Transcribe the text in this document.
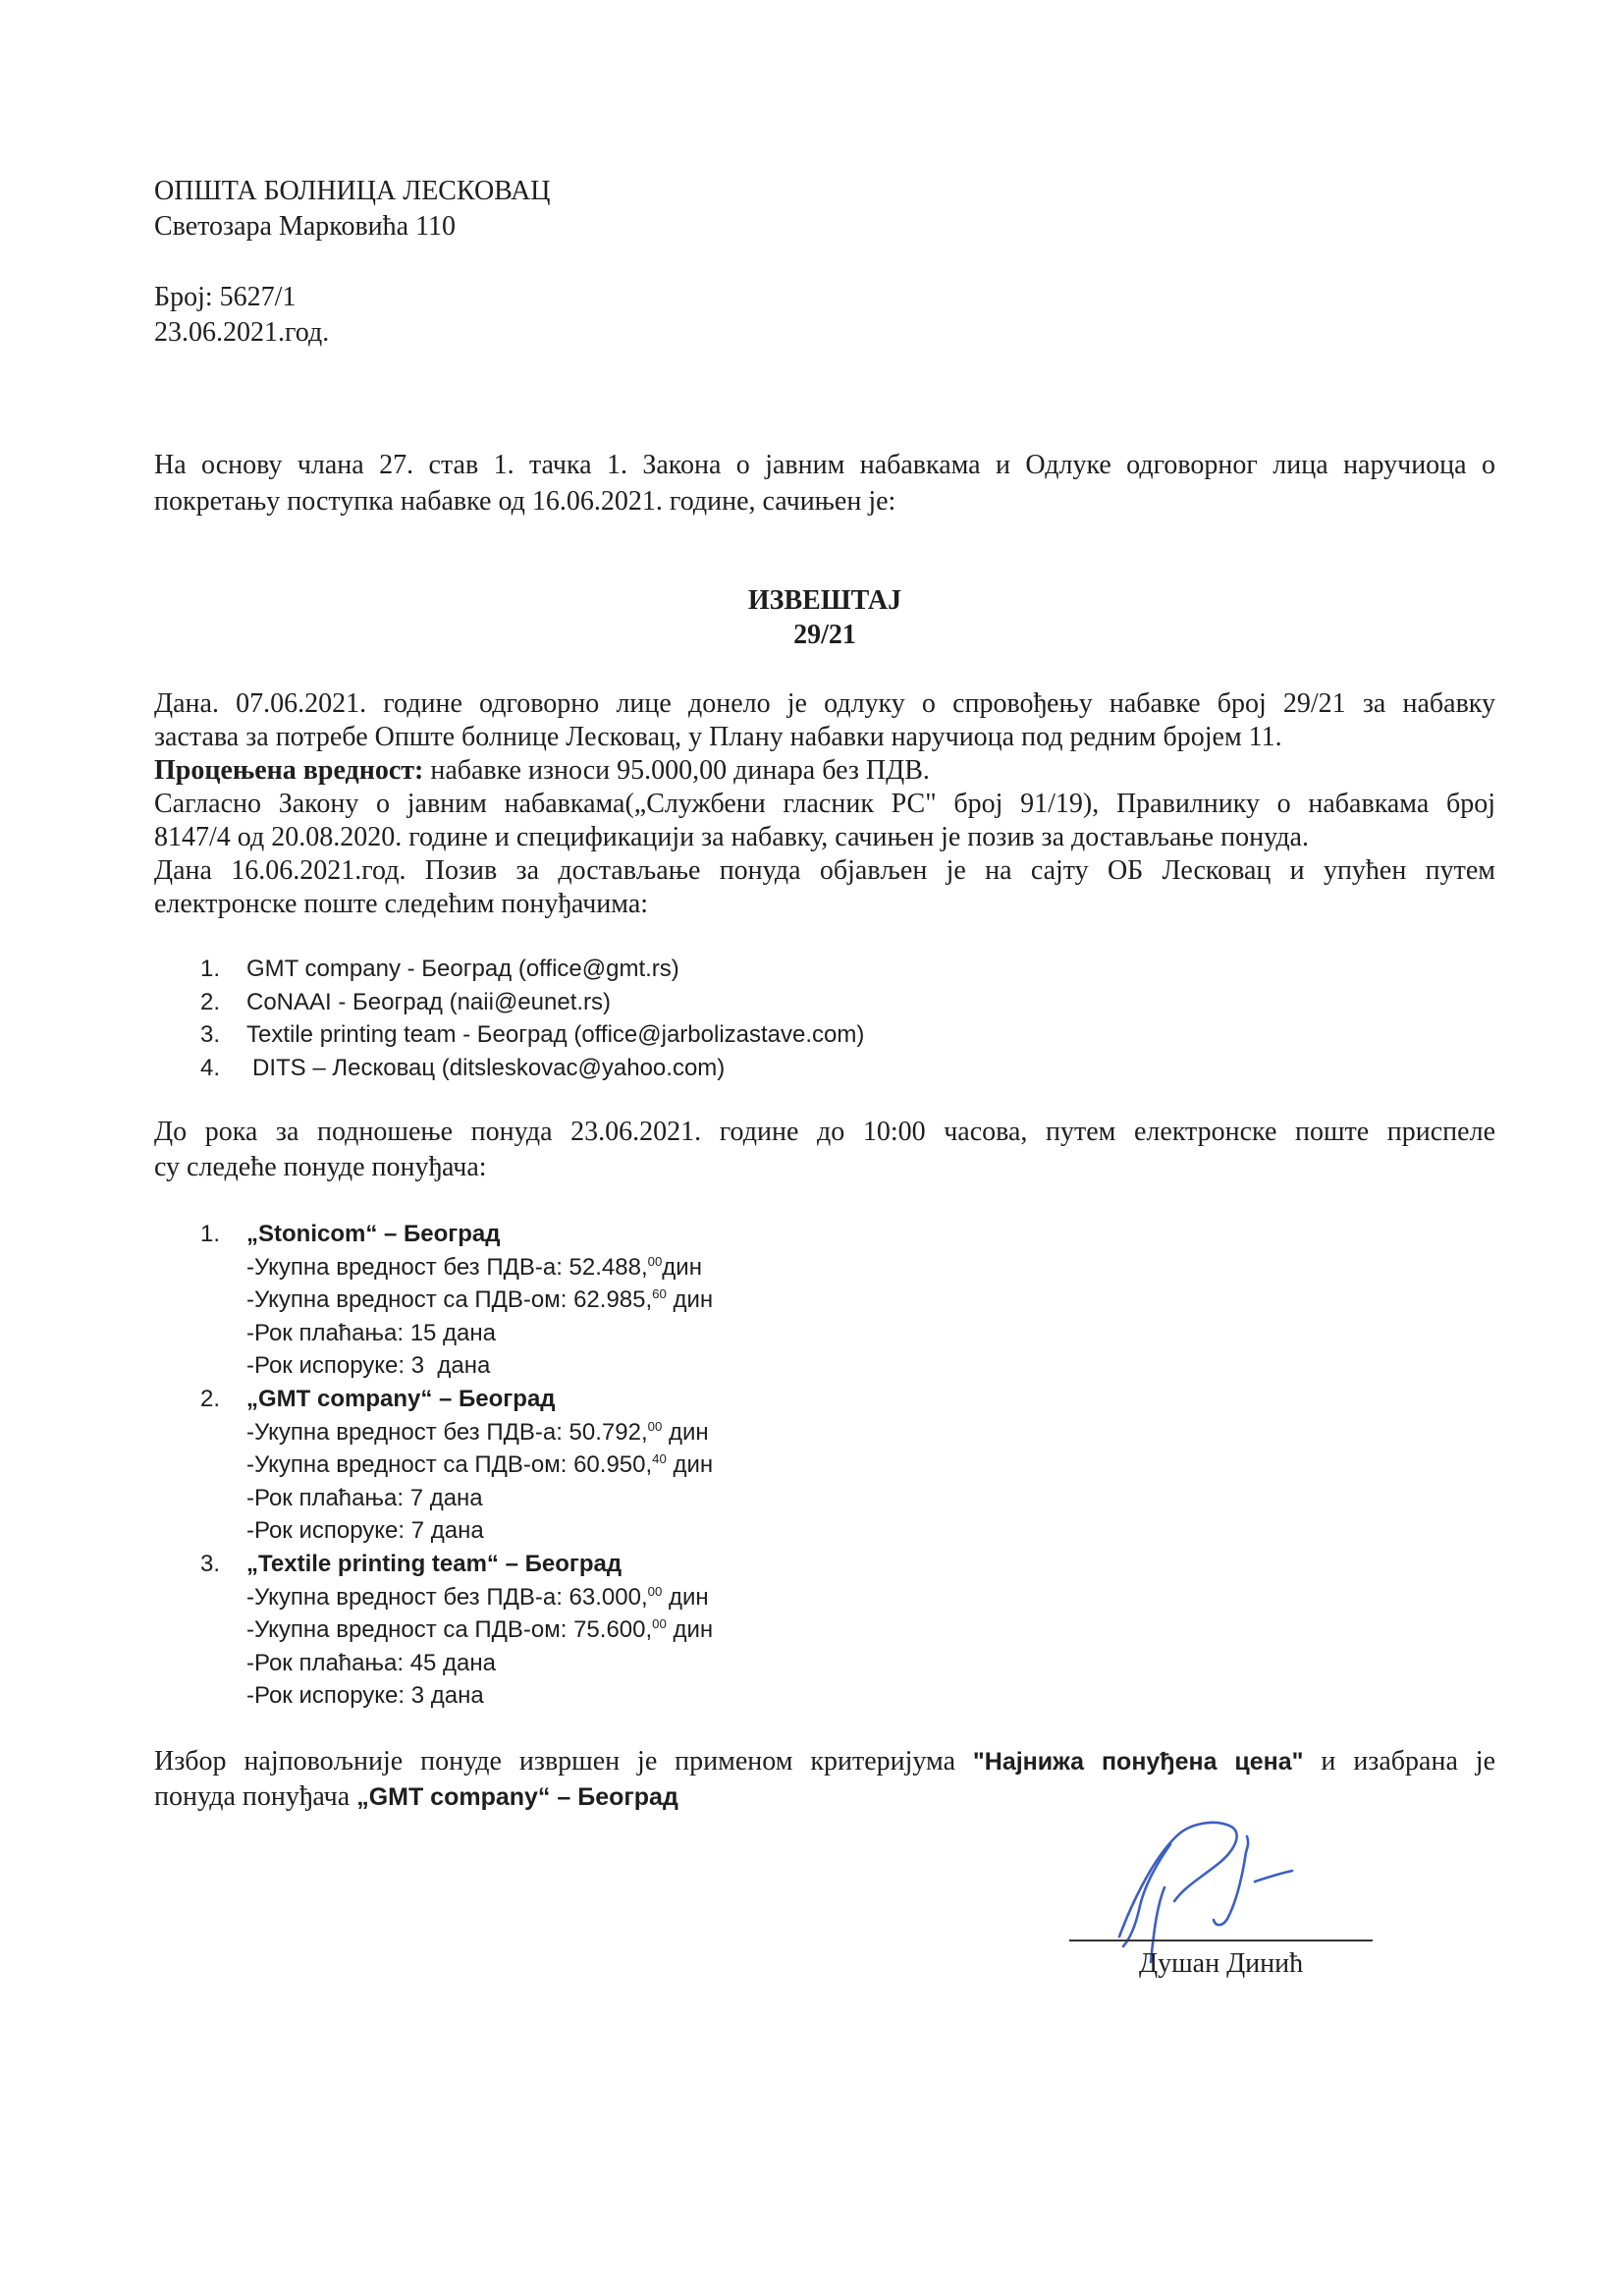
ОПШТА БОЛНИЦА ЛЕСКОВАЦ
Светозара Марковића 110
Број: 5627/1
23.06.2021.год.
На основу члана 27. став 1. тачка 1. Закона о јавним набавкама и Одлуке одговорног лица наручиоца о
покретању поступка набавке од 16.06.2021. године, сачињен је:
ИЗВЕШТАЈ
29/21
Дана. 07.06.2021. године одговорно лице донело је одлуку о спровођењу набавке број 29/21 за набавку
застава за потребе Опште болнице Лесковац, у Плану набавки наручиоца под редним бројем 11.
Процењена вредност: набавке износи 95.000,00 динара без ПДВ.
Сагласно Закону о јавним набавкама(„Службени гласник РС" број 91/19), Правилнику о набавкама број
8147/4 од 20.08.2020. године и спецификацији за набавку, сачињен је позив за достављање понуда.
Дана 16.06.2021.год. Позив за достављање понуда објављен је на сајту ОБ Лесковац и упућен путем
електронске поште следећим понуђачима:
1.	GMT company - Београд (office@gmt.rs)
2.	CoNAAI - Београд (naii@eunet.rs)
3.	Textile printing team - Београд (office@jarbolizastave.com)
4.	DITS – Лесковац (ditsleskovac@yahoo.com)
До рока за подношење понуда 23.06.2021. године до 10:00 часова, путем електронске поште приспеле
су следеће понуде понуђача:
1.	„Stonicom“ – Београд
-Укупна вредност без ПДВ-а: 52.488,00дин
-Укупна вредност са ПДВ-ом: 62.985,60 дин
-Рок плаћања: 15 дана
-Рок испоруке: 3  дана
2.	„GMT company“ – Београд
-Укупна вредност без ПДВ-а: 50.792,00 дин
-Укупна вредност са ПДВ-ом: 60.950,40 дин
-Рок плаћања: 7 дана
-Рок испоруке: 7 дана
3.	„Textile printing team“ – Београд
-Укупна вредност без ПДВ-а: 63.000,00 дин
-Укупна вредност са ПДВ-ом: 75.600,00 дин
-Рок плаћања: 45 дана
-Рок испоруке: 3 дана
Избор најповољније понуде извршен је применом критеријума "Најнижа понуђена цена" и изабрана је
понуда понуђача „GMT company“ – Београд
Душан Динић
